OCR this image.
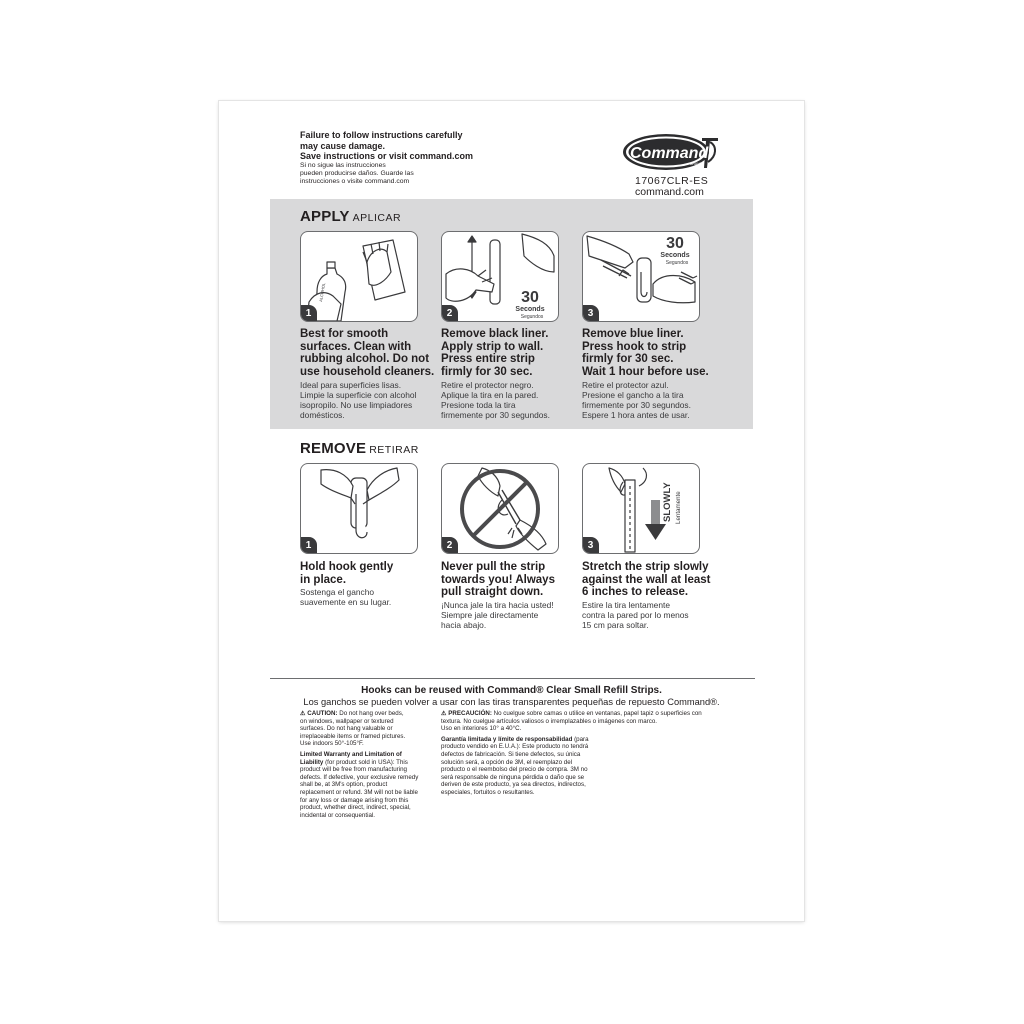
Failure to follow instructions carefully
may cause damage.
Save instructions or visit command.com
Si no sigue las instrucciones
pueden producirse daños. Guarde las
instrucciones o visite command.com
Command
BRAND
17067CLR-ES
command.com
APPLY APLICAR
ALCOHOL
1
30
Seconds
Segundos
2
30
Seconds
Segundos
3
Best for smooth
surfaces. Clean with
rubbing alcohol. Do not
use household cleaners.
Ideal para superficies lisas.
Limpie la superficie con alcohol
isopropilo. No use limpiadores
domésticos.
Remove black liner.
Apply strip to wall.
Press entire strip
firmly for 30 sec.
Retire el protector negro.
Aplique la tira en la pared.
Presione toda la tira
firmemente por 30 segundos.
Remove blue liner.
Press hook to strip
firmly for 30 sec.
Wait 1 hour before use.
Retire el protector azul.
Presione el gancho a la tira
firmemente por 30 segundos.
Espere 1 hora antes de usar.
REMOVE RETIRAR
1	2
SLOWLY Lentamente
3
Hold hook gently
in place.
Sostenga el gancho
suavemente en su lugar.
Never pull the strip
towards you! Always
pull straight down.
¡Nunca jale la tira hacia usted!
Siempre jale directamente
hacia abajo.
Stretch the strip slowly
against the wall at least
6 inches to release.
Estire la tira lentamente
contra la pared por lo menos
15 cm para soltar.
Hooks can be reused with Command® Clear Small Refill Strips.
Los ganchos se pueden volver a usar con las tiras transparentes pequeñas de repuesto Command®.
⚠ CAUTION: Do not hang over beds,
on windows, wallpaper or textured
surfaces. Do not hang valuable or
irreplaceable items or framed pictures.
Use indoors 50°-105°F.
Limited Warranty and Limitation of
Liability (for product sold in USA): This
product will be free from manufacturing
defects. If defective, your exclusive remedy
shall be, at 3M's option, product
replacement or refund. 3M will not be liable
for any loss or damage arising from this
product, whether direct, indirect, special,
incidental or consequential.
⚠ PRECAUCIÓN: No cuelgue sobre camas o utilice en ventanas, papel tapiz o superficies con
textura. No cuelgue artículos valiosos o irremplazables o imágenes con marco.
Uso en interiores 10° a 40°C.
Garantía limitada y límite de responsabilidad (para
producto vendido en E.U.A.): Este producto no tendrá
defectos de fabricación. Si tiene defectos, su única
solución será, a opción de 3M, el reemplazo del
producto o el reembolso del precio de compra. 3M no
será responsable de ninguna pérdida o daño que se
deriven de este producto, ya sea directos, indirectos,
especiales, fortuitos o resultantes.
